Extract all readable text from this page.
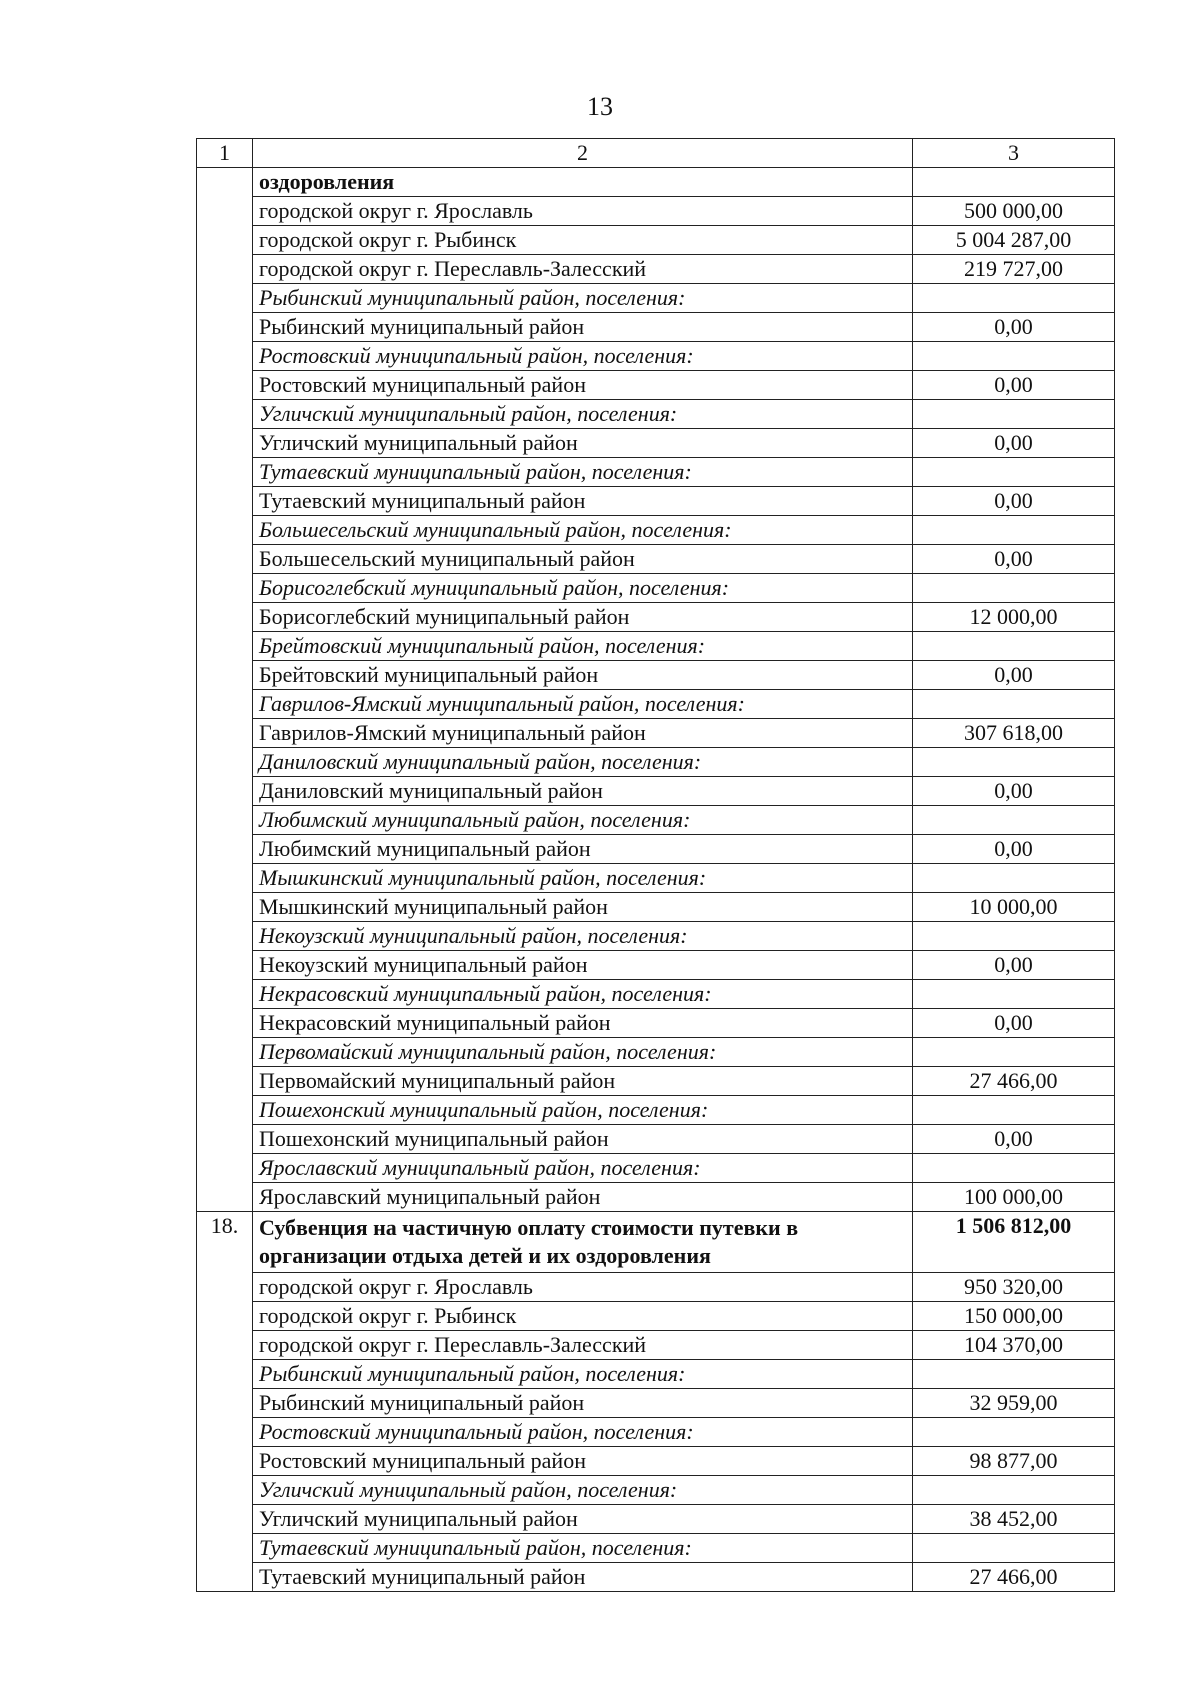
13
1	2	3
	оздоровления	
	городской округ г. Ярославль	500 000,00
	городской округ г. Рыбинск	5 004 287,00
	городской округ г. Переславль-Залесский	219 727,00
	Рыбинский муниципальный район, поселения:	
	Рыбинский муниципальный район	0,00
	Ростовский муниципальный район, поселения:	
	Ростовский муниципальный район	0,00
	Угличский муниципальный район, поселения:	
	Угличский муниципальный район	0,00
	Тутаевский муниципальный район, поселения:	
	Тутаевский муниципальный район	0,00
	Большесельский муниципальный район, поселения:	
	Большесельский муниципальный район	0,00
	Борисоглебский муниципальный район, поселения:	
	Борисоглебский муниципальный район	12 000,00
	Брейтовский муниципальный район, поселения:	
	Брейтовский муниципальный район	0,00
	Гаврилов-Ямский муниципальный район, поселения:	
	Гаврилов-Ямский муниципальный район	307 618,00
	Даниловский муниципальный район, поселения:	
	Даниловский муниципальный район	0,00
	Любимский муниципальный район, поселения:	
	Любимский муниципальный район	0,00
	Мышкинский муниципальный район, поселения:	
	Мышкинский муниципальный район	10 000,00
	Некоузский муниципальный район, поселения:	
	Некоузский муниципальный район	0,00
	Некрасовский муниципальный район, поселения:	
	Некрасовский муниципальный район	0,00
	Первомайский муниципальный район, поселения:	
	Первомайский муниципальный район	27 466,00
	Пошехонский муниципальный район, поселения:	
	Пошехонский муниципальный район	0,00
	Ярославский муниципальный район, поселения:	
	Ярославский муниципальный район	100 000,00
18.	Субвенция на частичную оплату стоимости путевки в организации отдыха детей и их оздоровления	1 506 812,00
	городской округ г. Ярославль	950 320,00
	городской округ г. Рыбинск	150 000,00
	городской округ г. Переславль-Залесский	104 370,00
	Рыбинский муниципальный район, поселения:	
	Рыбинский муниципальный район	32 959,00
	Ростовский муниципальный район, поселения:	
	Ростовский муниципальный район	98 877,00
	Угличский муниципальный район, поселения:	
	Угличский муниципальный район	38 452,00
	Тутаевский муниципальный район, поселения:	
	Тутаевский муниципальный район	27 466,00
